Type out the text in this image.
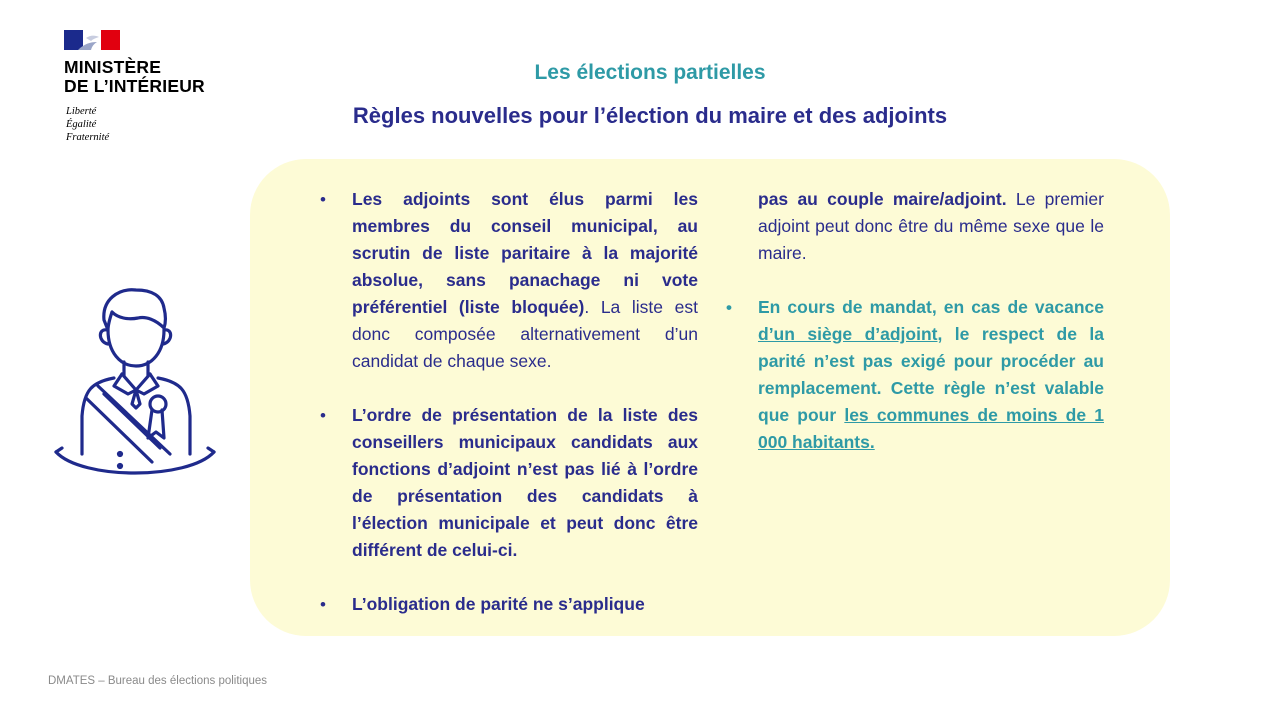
MINISTÈRE
DE L’INTÉRIEUR
Liberté
Égalité
Fraternité
Les élections partielles
Règles nouvelles pour l’élection du maire et des adjoints
• Les adjoints sont élus parmi les membres du conseil municipal, au scrutin de liste paritaire à la majorité absolue, sans panachage ni vote préférentiel (liste bloquée). La liste est donc composée alternativement d’un candidat de chaque sexe.
• L’ordre de présentation de la liste des conseillers municipaux candidats aux fonctions d’adjoint n’est pas lié à l’ordre de présentation des candidats à l’élection municipale et peut donc être différent de celui-ci.
• L’obligation de parité ne s’applique
pas au couple maire/adjoint. Le premier adjoint peut donc être du même sexe que le maire.
• En cours de mandat, en cas de vacance d’un siège d’adjoint, le respect de la parité n’est pas exigé pour procéder au remplacement. Cette règle n’est valable que pour les communes de moins de 1 000 habitants.
DMATES – Bureau des élections politiques
